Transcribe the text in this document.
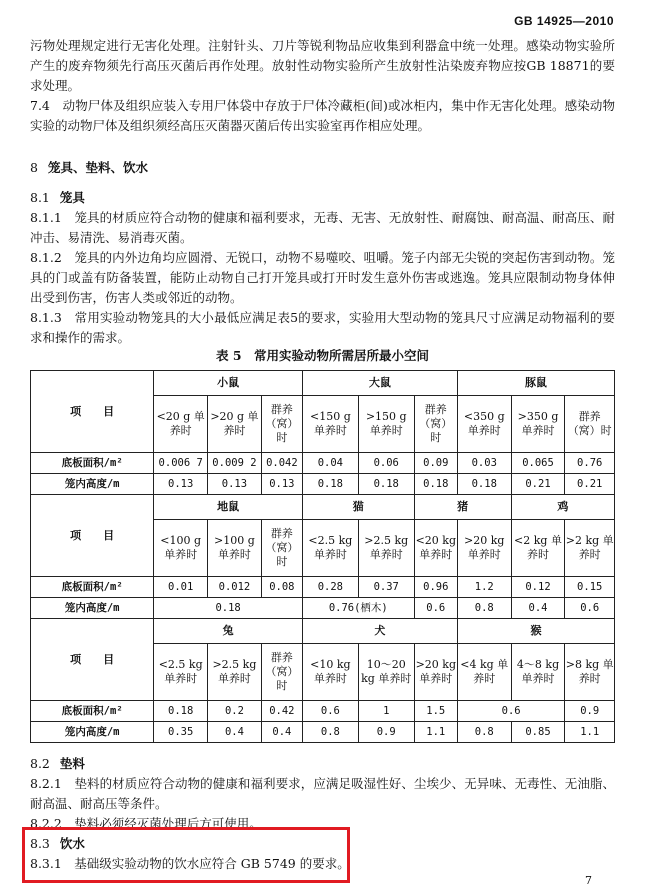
GB 14925—2010

污物处理规定进行无害化处理。注射针头、刀片等锐利物品应收集到利器盒中统一处理。感染动物实验所产生的废弃物须先行高压灭菌后再作处理。放射性动物实验所产生放射性沾染废弃物应按GB 18871的要求处理。

7.4　动物尸体及组织应装入专用尸体袋中存放于尸体冷藏柜(间)或冰柜内，集中作无害化处理。感染动物实验的动物尸体及组织须经高压灭菌器灭菌后传出实验室再作相应处理。

8 笼具、垫料、饮水

8.1 笼具

8.1.1　笼具的材质应符合动物的健康和福利要求，无毒、无害、无放射性、耐腐蚀、耐高温、耐高压、耐冲击、易清洗、易消毒灭菌。

8.1.2　笼具的内外边角均应圆滑、无锐口，动物不易噬咬、咀嚼。笼子内部无尖锐的突起伤害到动物。笼具的门或盖有防备装置，能防止动物自己打开笼具或打开时发生意外伤害或逃逸。笼具应限制动物身体伸出受到伤害，伤害人类或邻近的动物。

8.1.3　常用实验动物笼具的大小最低应满足表5的要求，实验用大型动物的笼具尺寸应满足动物福利的要求和操作的需求。

表 5　常用实验动物所需居所最小空间
项　　目	小鼠			大鼠			豚鼠		
	<20 g 单养时	>20 g 单养时	群养（窝）时	<150 g 单养时	>150 g 单养时	群养（窝）时	<350 g 单养时	>350 g 单养时	群养（窝）时
底板面积/m²	0.006 7	0.009 2	0.042	0.04	0.06	0.09	0.03	0.065	0.76
笼内高度/m	0.13	0.13	0.13	0.18	0.18	0.18	0.18	0.21	0.21
项　　目	地鼠			猫		猪		鸡	
	<100 g 单养时	>100 g 单养时	群养（窝）时	<2.5 kg 单养时	>2.5 kg 单养时	<20 kg 单养时	>20 kg 单养时	<2 kg 单养时	>2 kg 单养时
底板面积/m²	0.01	0.012	0.08	0.28	0.37	0.96	1.2	0.12	0.15
笼内高度/m	0.18			0.76(栖木)		0.6	0.8	0.4	0.6
项　　目	兔			犬			猴		
	<2.5 kg 单养时	>2.5 kg 单养时	群养（窝）时	<10 kg 单养时	10～20 kg 单养时	>20 kg 单养时	<4 kg 单养时	4～8 kg 单养时	>8 kg 单养时
底板面积/m²	0.18	0.2	0.42	0.6	1	1.5	0.6		0.9
笼内高度/m	0.35	0.4	0.4	0.8	0.9	1.1	0.8	0.85	1.1

8.2 垫料

8.2.1　垫料的材质应符合动物的健康和福利要求，应满足吸湿性好、尘埃少、无异味、无毒性、无油脂、耐高温、耐高压等条件。

8.2.2　垫料必须经灭菌处理后方可使用。

8.3 饮水

8.3.1　基础级实验动物的饮水应符合 GB 5749 的要求。

7
